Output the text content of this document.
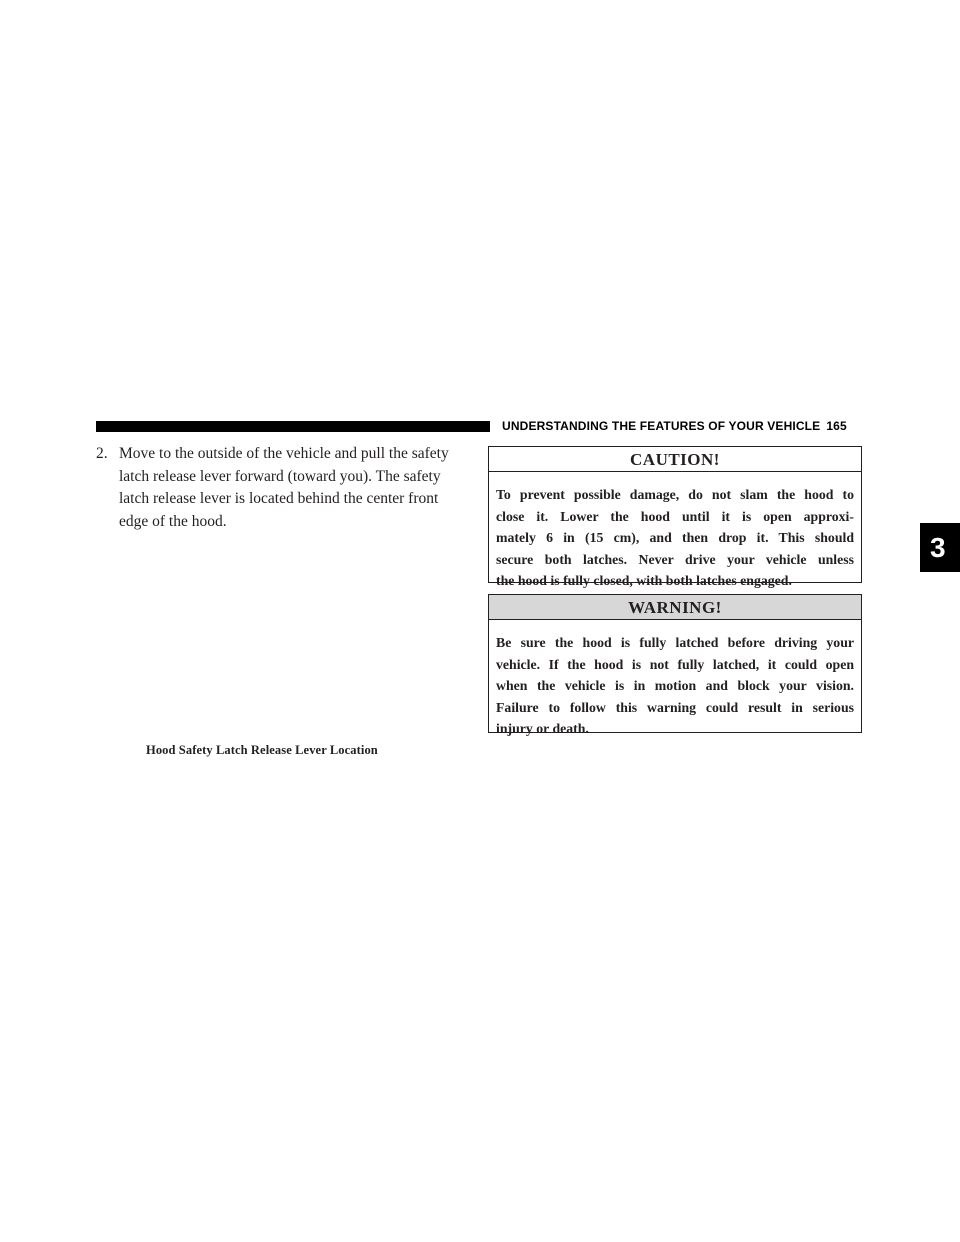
UNDERSTANDING THE FEATURES OF YOUR VEHICLE 165
2. Move to the outside of the vehicle and pull the safety
latch release lever forward (toward you). The safety
latch release lever is located behind the center front
edge of the hood.
Hood Safety Latch Release Lever Location
CAUTION!
To prevent possible damage, do not slam the hood to
close it. Lower the hood until it is open approxi-
mately 6 in (15 cm), and then drop it. This should
secure both latches. Never drive your vehicle unless
the hood is fully closed, with both latches engaged.
WARNING!
Be sure the hood is fully latched before driving your
vehicle. If the hood is not fully latched, it could open
when the vehicle is in motion and block your vision.
Failure to follow this warning could result in serious
injury or death.
3
